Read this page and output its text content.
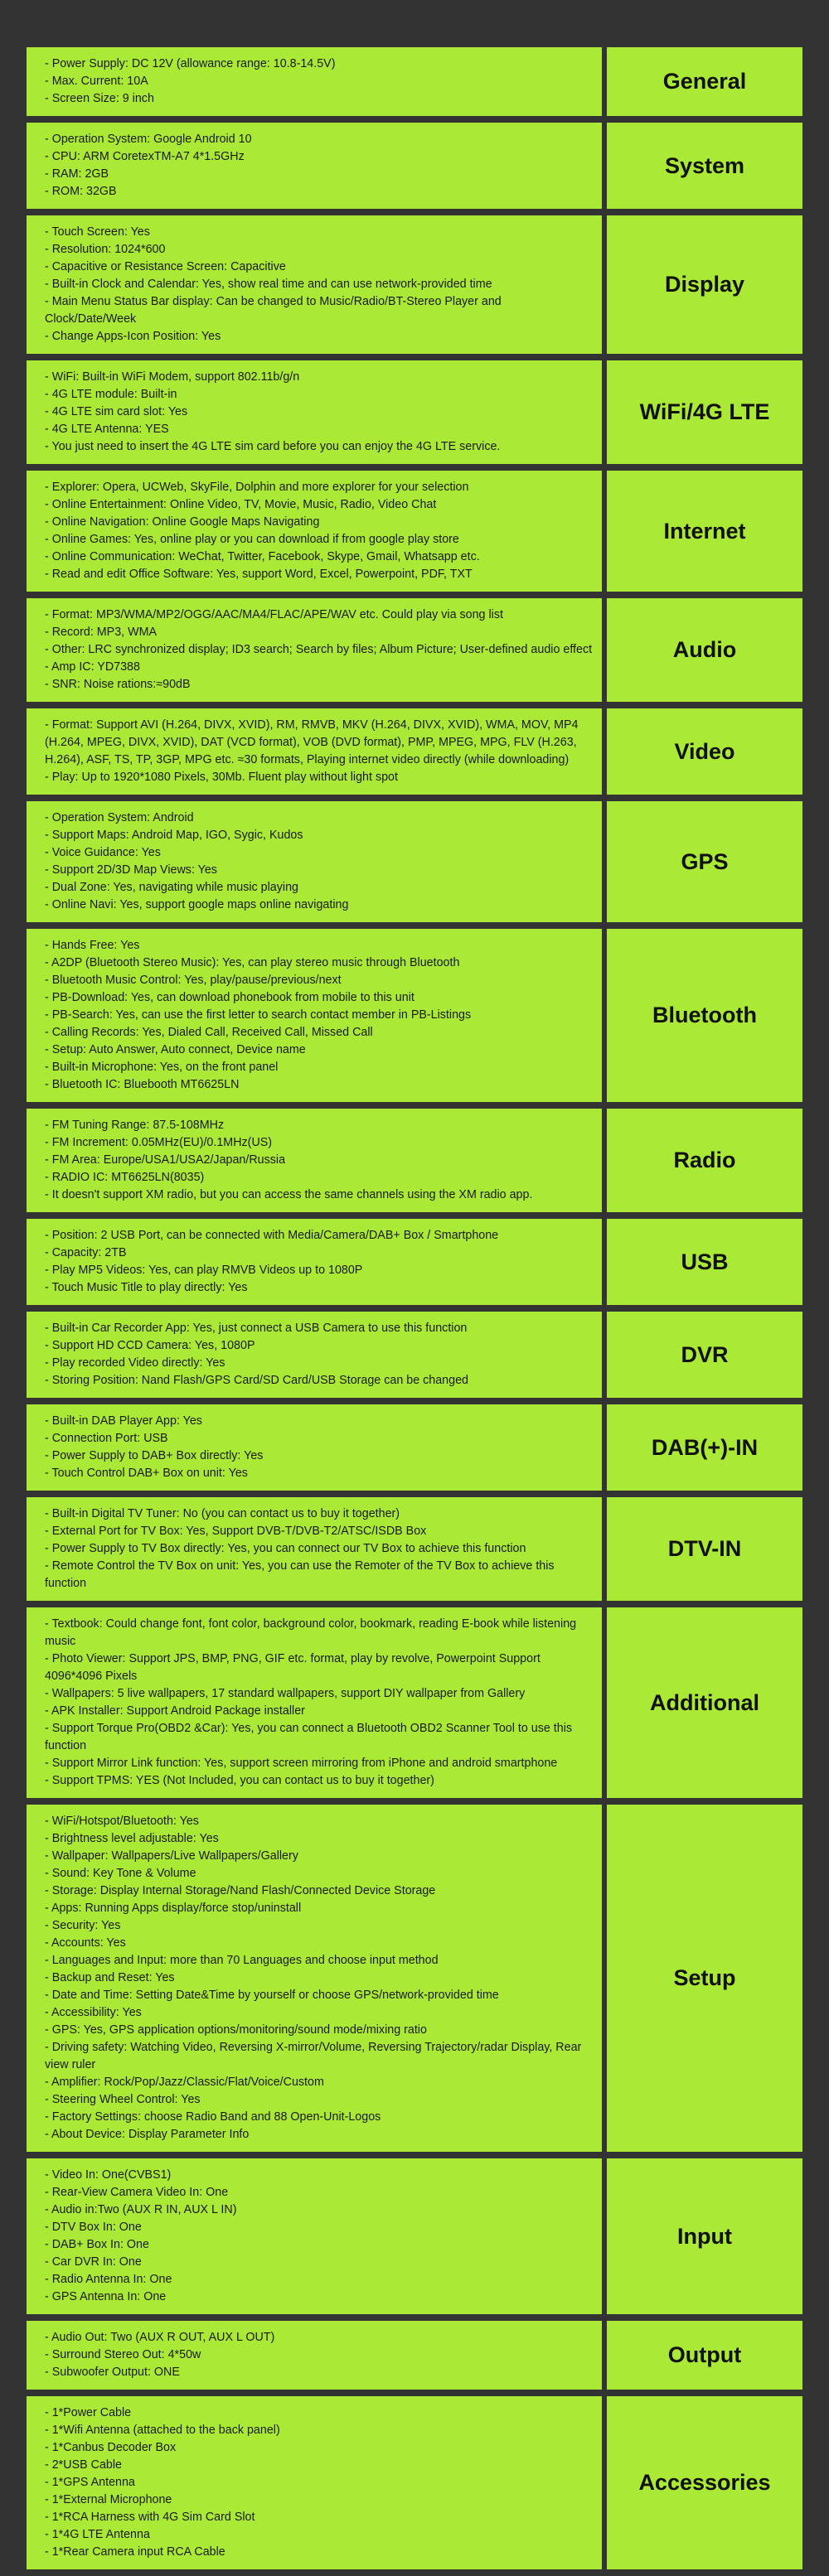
- Power Supply: DC 12V (allowance range: 10.8-14.5V)
- Max. Current: 10A
- Screen Size: 9 inch
General
- Operation System: Google Android 10
- CPU: ARM CoretexTM-A7 4*1.5GHz
- RAM: 2GB
- ROM: 32GB
System
- Touch Screen: Yes
- Resolution: 1024*600
- Capacitive or Resistance Screen: Capacitive
- Built-in Clock and Calendar: Yes, show real time and can use network-provided time
- Main Menu Status Bar display: Can be changed to Music/Radio/BT-Stereo Player and Clock/Date/Week
- Change Apps-Icon Position: Yes
Display
- WiFi: Built-in WiFi Modem, support 802.11b/g/n
- 4G LTE module: Built-in
- 4G LTE sim card slot: Yes
- 4G LTE Antenna: YES
- You just need to insert the 4G LTE sim card before you can enjoy the 4G LTE service.
WiFi/4G LTE
- Explorer: Opera, UCWeb, SkyFile, Dolphin and more explorer for your selection
- Online Entertainment: Online Video, TV, Movie, Music, Radio, Video Chat
- Online Navigation: Online Google Maps Navigating
- Online Games: Yes, online play or you can download if from google play store
- Online Communication: WeChat, Twitter, Facebook, Skype, Gmail, Whatsapp etc.
- Read and edit Office Software: Yes, support Word, Excel, Powerpoint, PDF, TXT
Internet
- Format: MP3/WMA/MP2/OGG/AAC/MA4/FLAC/APE/WAV etc. Could play via song list
- Record: MP3, WMA
- Other: LRC synchronized display; ID3 search; Search by files; Album Picture; User-defined audio effect
- Amp IC: YD7388
- SNR: Noise rations:≈90dB
Audio
- Format: Support AVI (H.264, DIVX, XVID), RM, RMVB, MKV (H.264, DIVX, XVID), WMA, MOV, MP4 (H.264, MPEG, DIVX, XVID), DAT (VCD format), VOB (DVD format), PMP, MPEG, MPG, FLV (H.263, H.264), ASF, TS, TP, 3GP, MPG etc. ≈30 formats, Playing internet video directly (while downloading)
- Play: Up to 1920*1080 Pixels, 30Mb. Fluent play without light spot
Video
- Operation System: Android
- Support Maps: Android Map, IGO, Sygic, Kudos
- Voice Guidance: Yes
- Support 2D/3D Map Views: Yes
- Dual Zone: Yes, navigating while music playing
- Online Navi: Yes, support google maps online navigating
GPS
- Hands Free: Yes
- A2DP (Bluetooth Stereo Music): Yes, can play stereo music through Bluetooth
- Bluetooth Music Control: Yes, play/pause/previous/next
- PB-Download: Yes, can download phonebook from mobile to this unit
- PB-Search: Yes, can use the first letter to search contact member in PB-Listings
- Calling Records: Yes, Dialed Call, Received Call, Missed Call
- Setup: Auto Answer, Auto connect, Device name
- Built-in Microphone: Yes, on the front panel
- Bluetooth IC: Bluebooth MT6625LN
Bluetooth
- FM Tuning Range: 87.5-108MHz
- FM Increment: 0.05MHz(EU)/0.1MHz(US)
- FM Area: Europe/USA1/USA2/Japan/Russia
- RADIO IC: MT6625LN(8035)
- It doesn't support XM radio, but you can access the same channels using the XM radio app.
Radio
- Position: 2 USB Port, can be connected with Media/Camera/DAB+ Box / Smartphone
- Capacity: 2TB
- Play MP5 Videos: Yes, can play RMVB Videos up to 1080P
- Touch Music Title to play directly: Yes
USB
- Built-in Car Recorder App: Yes, just connect a USB Camera to use this function
- Support HD CCD Camera: Yes, 1080P
- Play recorded Video directly: Yes
- Storing Position: Nand Flash/GPS Card/SD Card/USB Storage can be changed
DVR
- Built-in DAB Player App: Yes
- Connection Port: USB
- Power Supply to DAB+ Box directly: Yes
- Touch Control DAB+ Box on unit: Yes
DAB(+)-IN
- Built-in Digital TV Tuner: No (you can contact us to buy it together)
- External Port for TV Box: Yes, Support DVB-T/DVB-T2/ATSC/ISDB Box
- Power Supply to TV Box directly: Yes, you can connect our TV Box to achieve this function
- Remote Control the TV Box on unit: Yes, you can use the Remoter of the TV Box to achieve this function
DTV-IN
- Textbook: Could change font, font color, background color, bookmark, reading E-book while listening music
- Photo Viewer: Support JPS, BMP, PNG, GIF etc. format, play by revolve, Powerpoint Support 4096*4096 Pixels
- Wallpapers: 5 live wallpapers, 17 standard wallpapers, support DIY wallpaper from Gallery
- APK Installer: Support Android Package installer
- Support Torque Pro(OBD2 &Car): Yes, you can connect a Bluetooth OBD2 Scanner Tool to use this function
- Support Mirror Link function: Yes, support screen mirroring from iPhone and android smartphone
- Support TPMS: YES (Not Included, you can contact us to buy it together)
Additional
- WiFi/Hotspot/Bluetooth: Yes
- Brightness level adjustable: Yes
- Wallpaper: Wallpapers/Live Wallpapers/Gallery
- Sound: Key Tone & Volume
- Storage: Display Internal Storage/Nand Flash/Connected Device Storage
- Apps: Running Apps display/force stop/uninstall
- Security: Yes
- Accounts: Yes
- Languages and Input: more than 70 Languages and choose input method
- Backup and Reset: Yes
- Date and Time: Setting Date&Time by yourself or choose GPS/network-provided time
- Accessibility: Yes
- GPS: Yes, GPS application options/monitoring/sound mode/mixing ratio
- Driving safety: Watching Video, Reversing X-mirror/Volume, Reversing Trajectory/radar Display, Rear view ruler
- Amplifier: Rock/Pop/Jazz/Classic/Flat/Voice/Custom
- Steering Wheel Control: Yes
- Factory Settings: choose Radio Band and 88 Open-Unit-Logos
- About Device: Display Parameter Info
Setup
- Video In: One(CVBS1)
- Rear-View Camera Video In: One
- Audio in:Two (AUX R IN, AUX L IN)
- DTV Box In: One
- DAB+ Box In: One
- Car DVR In: One
- Radio Antenna In: One
- GPS Antenna In: One
Input
- Audio Out: Two (AUX R OUT, AUX L OUT)
- Surround Stereo Out: 4*50w
- Subwoofer Output: ONE
Output
- 1*Power Cable
- 1*Wifi Antenna (attached to the back panel)
- 1*Canbus Decoder Box
- 2*USB Cable
- 1*GPS Antenna
- 1*External Microphone
- 1*RCA Harness with 4G Sim Card Slot
- 1*4G LTE Antenna
- 1*Rear Camera input RCA Cable
Accessories
